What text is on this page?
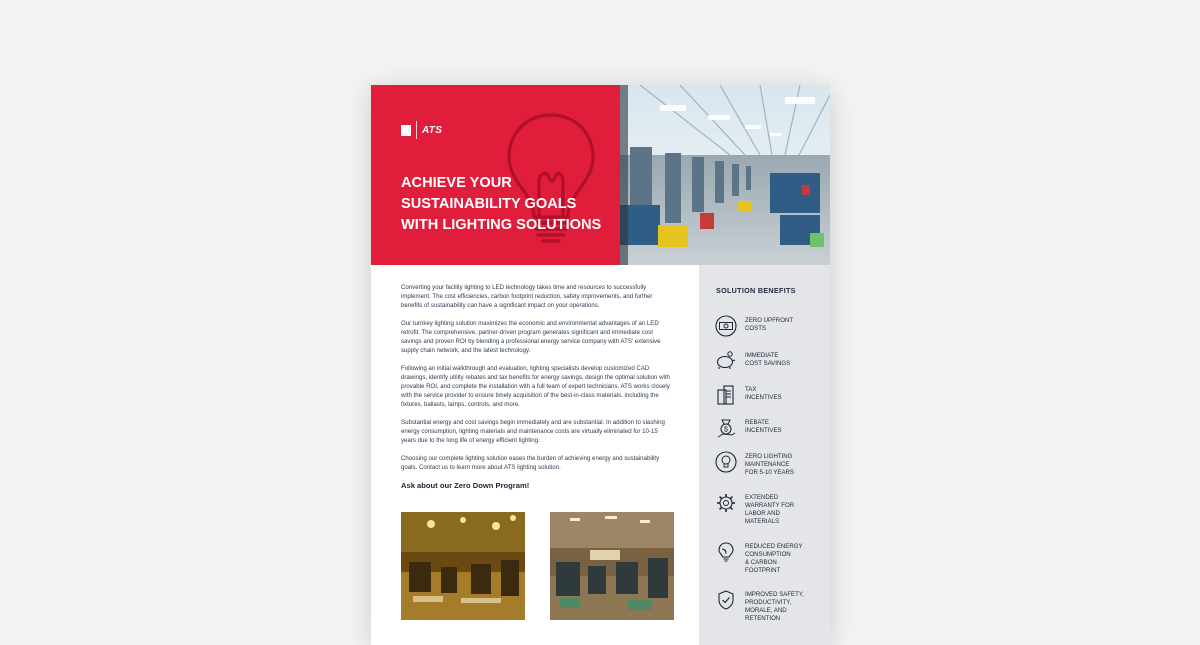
ATS
ACHIEVE YOUR SUSTAINABILITY GOALS WITH LIGHTING SOLUTIONS

Converting your facility lighting to LED technology takes time and resources to successfully implement. The cost efficiencies, carbon footprint reduction, safety improvements, and further benefits of sustainability can have a significant impact on your operations.

Our turnkey lighting solution maximizes the economic and environmental advantages of an LED retrofit. The comprehensive, partner-driven program generates significant and immediate cost savings and proven ROI by blending a professional energy service company with ATS' extensive supply chain network, and the latest technology.

Following an initial walkthrough and evaluation, lighting specialists develop customized CAD drawings, identify utility rebates and tax benefits for energy savings, design the optimal solution with provable ROI, and complete the installation with a full team of expert technicians. ATS works closely with the service provider to ensure timely acquisition of the best-in-class materials, including the fixtures, ballasts, lamps, controls, and more.

Substantial energy and cost savings begin immediately and are substantial. In addition to slashing energy consumption, lighting materials and maintenance costs are virtually eliminated for 10-15 years due to the long life of energy efficient lighting.

Choosing our complete lighting solution eases the burden of achieving energy and sustainability goals. Contact us to learn more about ATS lighting solution.

Ask about our Zero Down Program!
SOLUTION BENEFITS
ZERO UPFRONT
COSTS
IMMEDIATE
COST SAVINGS
TAX
INCENTIVES
$
REBATE
INCENTIVES
ZERO LIGHTING
MAINTENANCE
FOR 5-10 YEARS
EXTENDED
WARRANTY FOR
LABOR AND
MATERIALS
REDUCED ENERGY
CONSUMPTION
& CARBON
FOOTPRINT
IMPROVED SAFETY,
PRODUCTIVITY,
MORALE, AND
RETENTION
